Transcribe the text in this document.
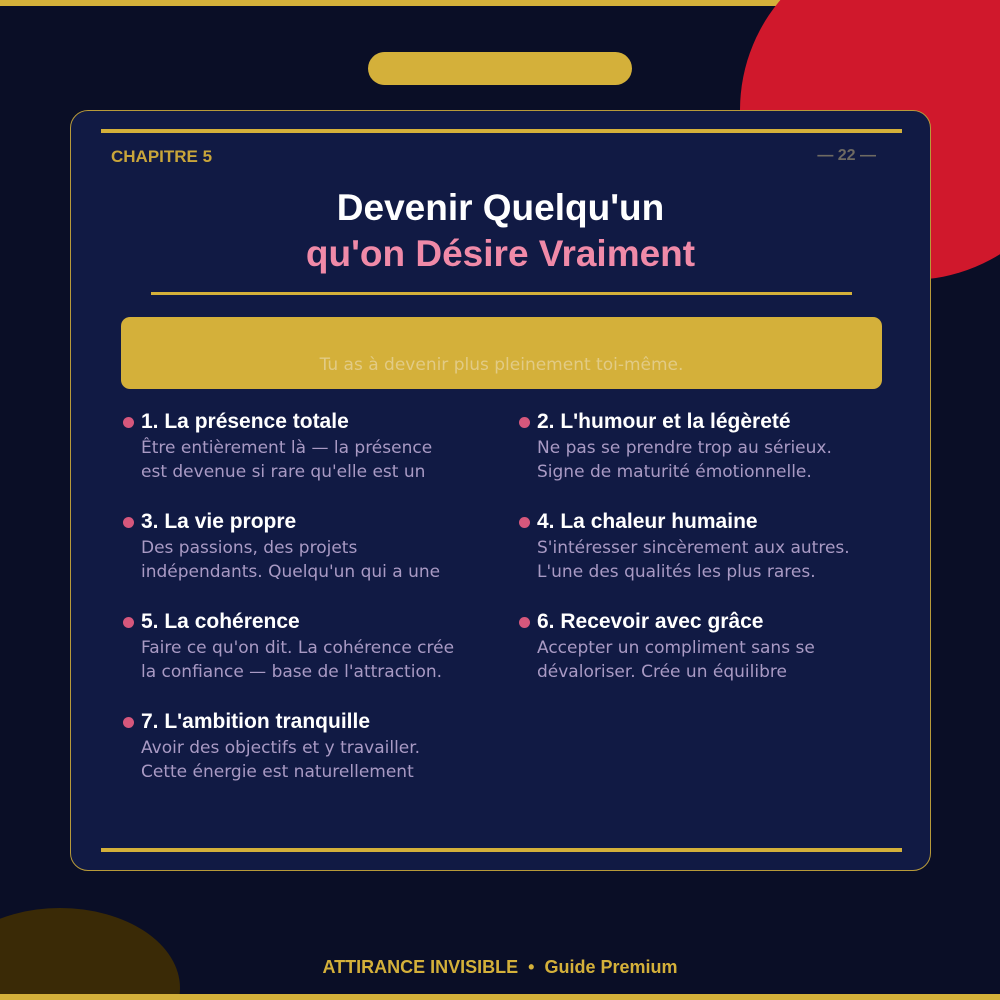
CHAPITRE 5	— 22 —
Devenir Quelqu'un
qu'on Désire Vraiment
Tu as à devenir plus pleinement toi-même.
1. La présence totale
Être entièrement là — la présence
est devenue si rare qu'elle est un
2. L'humour et la légèreté
Ne pas se prendre trop au sérieux.
Signe de maturité émotionnelle.
3. La vie propre
Des passions, des projets
indépendants. Quelqu'un qui a une
4. La chaleur humaine
S'intéresser sincèrement aux autres.
L'une des qualités les plus rares.
5. La cohérence
Faire ce qu'on dit. La cohérence crée
la confiance — base de l'attraction.
6. Recevoir avec grâce
Accepter un compliment sans se
dévaloriser. Crée un équilibre
7. L'ambition tranquille
Avoir des objectifs et y travailler.
Cette énergie est naturellement
ATTIRANCE INVISIBLE  •  Guide Premium
